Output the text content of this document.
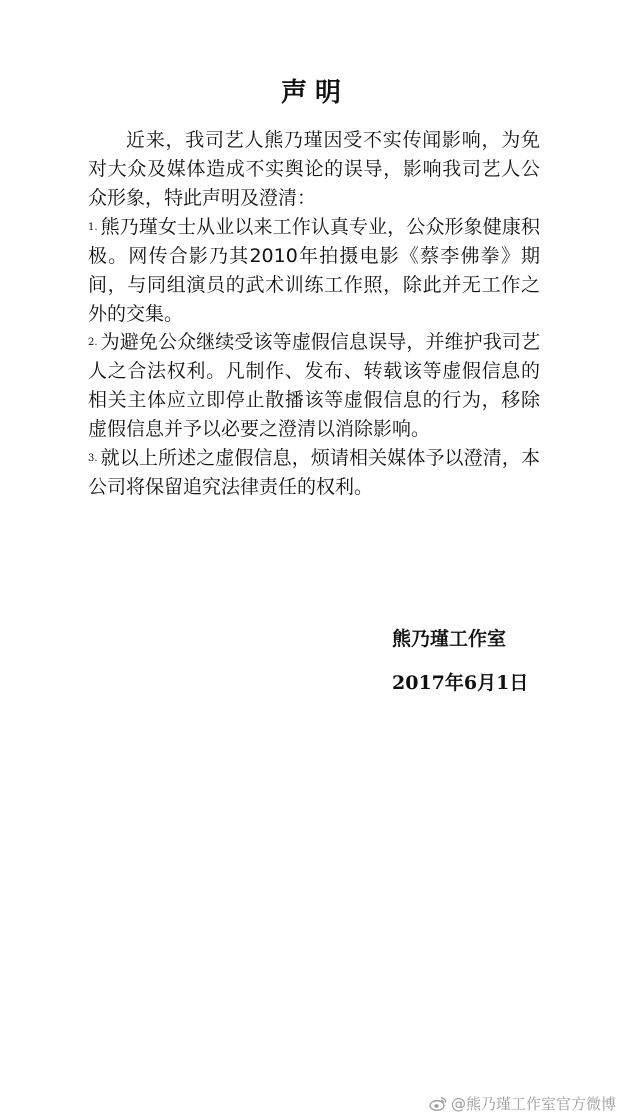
声明
近来，我司艺人熊乃瑾因受不实传闻影响，为免对大众及媒体造成不实舆论的误导，影响我司艺人公众形象，特此声明及澄清：
1. 熊乃瑾女士从业以来工作认真专业，公众形象健康积极。网传合影乃其2010年拍摄电影《蔡李佛拳》期间，与同组演员的武术训练工作照，除此并无工作之外的交集。
2. 为避免公众继续受该等虚假信息误导，并维护我司艺人之合法权利。凡制作、发布、转载该等虚假信息的相关主体应立即停止散播该等虚假信息的行为，移除虚假信息并予以必要之澄清以消除影响。
3. 就以上所述之虚假信息，烦请相关媒体予以澄清，本公司将保留追究法律责任的权利。
熊乃瑾工作室
2017年6月1日
@熊乃瑾工作室官方微博
